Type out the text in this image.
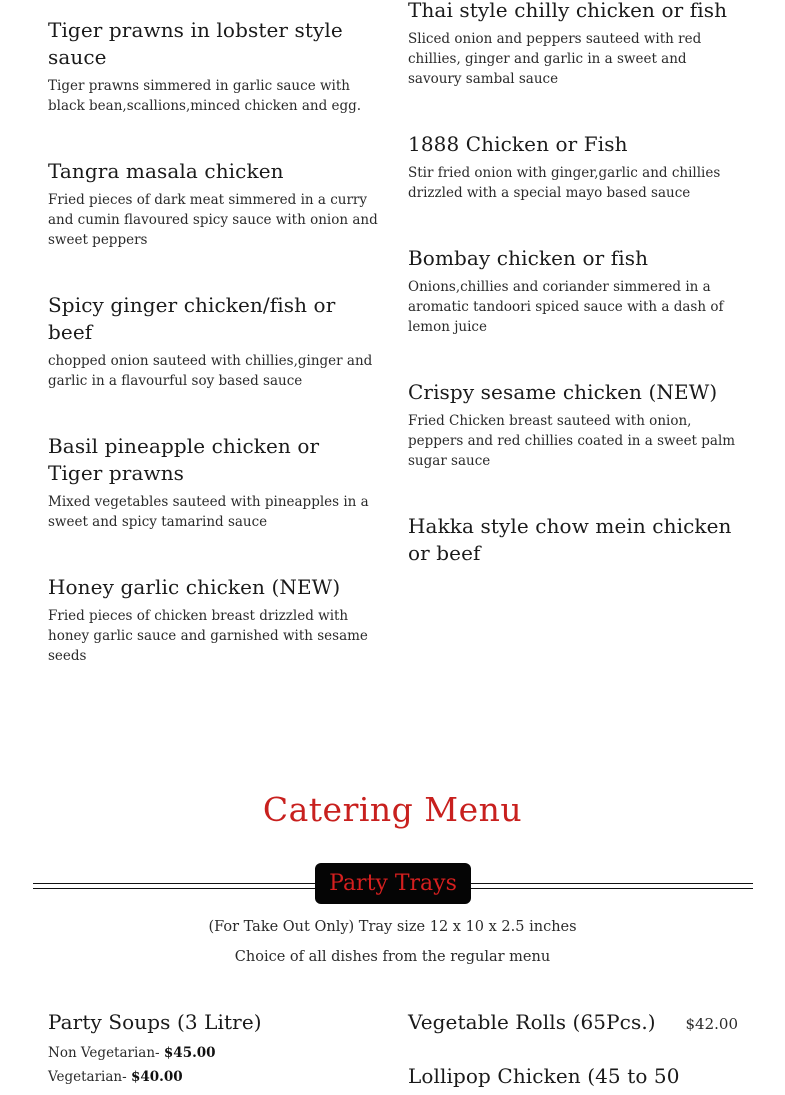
Tiger prawns in lobster style sauce

Tiger prawns simmered in garlic sauce with black bean,scallions,minced chicken and egg.

Tangra masala chicken

Fried pieces of dark meat simmered in a curry and cumin flavoured spicy sauce with onion and sweet peppers

Spicy ginger chicken/fish or beef

chopped onion sauteed with chillies,ginger and garlic in a flavourful soy based sauce

Basil pineapple chicken or Tiger prawns

Mixed vegetables sauteed with pineapples in a sweet and spicy tamarind sauce

Honey garlic chicken (NEW)

Fried pieces of chicken breast drizzled with honey garlic sauce and garnished with sesame seeds

Thai style chilly chicken or fish

Sliced onion and peppers sauteed with red chillies, ginger and garlic in a sweet and savoury sambal sauce

1888 Chicken or Fish

Stir fried onion with ginger,garlic and chillies drizzled with a special mayo based sauce

Bombay chicken or fish

Onions,chillies and coriander simmered in a aromatic tandoori spiced sauce with a dash of lemon juice

Crispy sesame chicken (NEW)

Fried Chicken breast sauteed with onion, peppers and red chillies coated in a sweet palm sugar sauce

Hakka style chow mein chicken or beef

Catering Menu
Party Trays
(For Take Out Only) Tray size 12 x 10 x 2.5 inches
Choice of all dishes from the regular menu
Party Soups (3 Litre)

Non Vegetarian- $45.00

Vegetarian- $40.00

Vegetable Rolls (65Pcs.) $42.00
Lollipop Chicken (45 to 50
